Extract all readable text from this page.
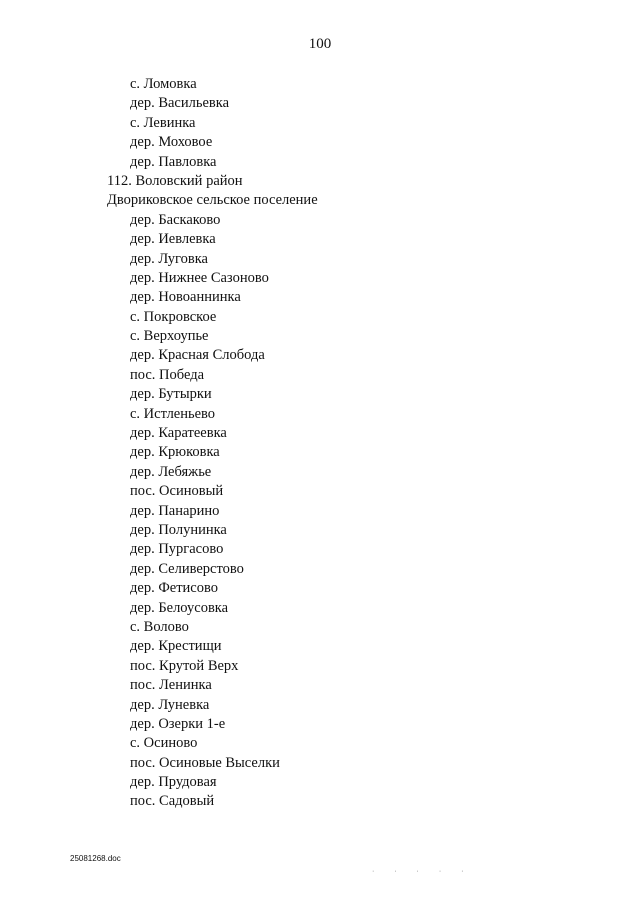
100
с. Ломовка
дер. Васильевка
с. Левинка
дер. Моховое
дер. Павловка
112. Воловский район
Двориковское сельское поселение
дер. Баскаково
дер. Иевлевка
дер. Луговка
дер. Нижнее Сазоново
дер. Новоаннинка
с. Покровское
с. Верхоупье
дер. Красная Слобода
пос. Победа
дер. Бутырки
с. Истленьево
дер. Каратеевка
дер. Крюковка
дер. Лебяжье
пос. Осиновый
дер. Панарино
дер. Полунинка
дер. Пургасово
дер. Селиверстово
дер. Фетисово
дер. Белоусовка
с. Волово
дер. Крестищи
пос. Крутой Верх
пос. Ленинка
дер. Луневка
дер. Озерки 1-е
с. Осиново
пос. Осиновые Выселки
дер. Прудовая
пос. Садовый
25081268.doc
· · · · ·
